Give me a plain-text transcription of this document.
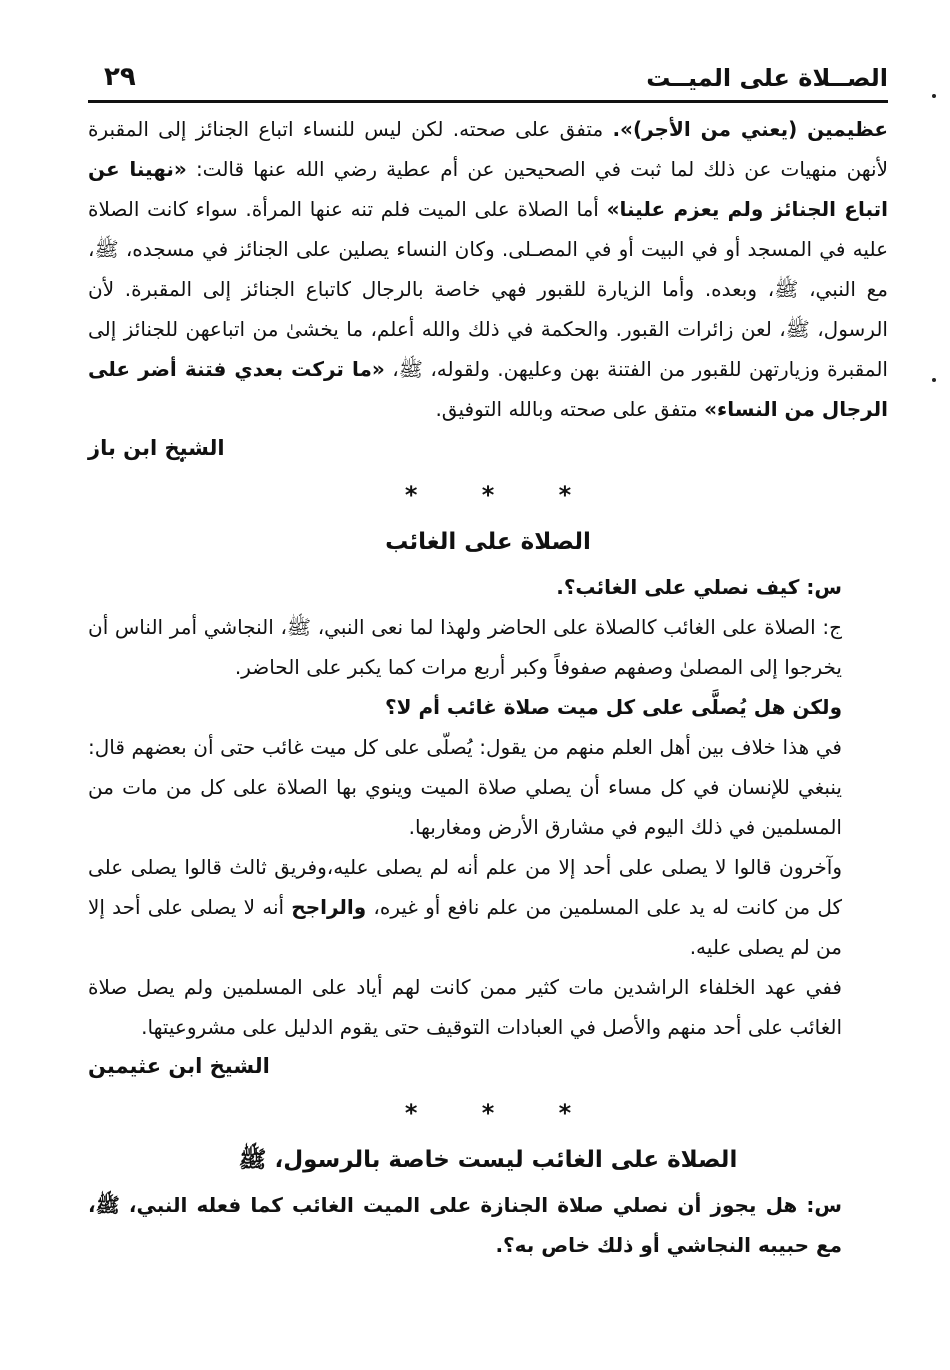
الصــلاة على الميــت
٢٩

عظيمين (يعني من الأجر)». متفق على صحته. لكن ليس للنساء اتباع الجنائز إلى المقبرة لأنهن منهيات عن ذلك لما ثبت في الصحيحين عن أم عطية رضي الله عنها قالت: «نهينا عن اتباع الجنائز ولم يعزم علينا» أما الصلاة على الميت فلم تنه عنها المرأة. سواء كانت الصلاة عليه في المسجد أو في البيت أو في المصـلى. وكان النساء يصلين على الجنائز في مسجده، ﷺ، مع النبي، ﷺ، وبعده. وأما الزيارة للقبور فهي خاصة بالرجال كاتباع الجنائز إلى المقبرة. لأن الرسول، ﷺ، لعن زائرات القبور. والحكمة في ذلك والله أعلم، ما يخشىٰ من اتباعهن للجنائز إلى المقبرة وزيارتهن للقبور من الفتنة بهن وعليهن. ولقوله، ﷺ، «ما تركت بعدي فتنة أضر على الرجال من النساء» متفق على صحته وبالله التوفيق.

الشيخ ابن باز

* * *
الصلاة على الغائب

س: كيف نصلي على الغائب؟.

ج: الصلاة على الغائب كالصلاة على الحاضر ولهذا لما نعى النبي، ﷺ، النجاشي أمر الناس أن يخرجوا إلى المصلىٰ وصفهم صفوفاً وكبر أربع مرات كما يكبر على الحاضر.

ولكن هل يُصلَّى على كل ميت صلاة غائب أم لا؟

في هذا خلاف بين أهل العلم منهم من يقول: يُصلّى على كل ميت غائب حتى أن بعضهم قال: ينبغي للإنسان في كل مساء أن يصلي صلاة الميت وينوي بها الصلاة على كل من مات من المسلمين في ذلك اليوم في مشارق الأرض ومغاربها.

وآخرون قالوا لا يصلى على أحد إلا من علم أنه لم يصلى عليه،وفريق ثالث قالوا يصلى على كل من كانت له يد على المسلمين من علم نافع أو غيره، والراجح أنه لا يصلى على أحد إلا من لم يصلى عليه.

ففي عهد الخلفاء الراشدين مات كثير ممن كانت لهم أياد على المسلمين ولم يصل صلاة الغائب على أحد منهم والأصل في العبادات التوقيف حتى يقوم الدليل على مشروعيتها.

الشيخ ابن عثيمين

* * *
الصلاة على الغائب ليست خاصة بالرسول، ﷺ

س: هل يجوز أن نصلي صلاة الجنازة على الميت الغائب كما فعله النبي، ﷺ، مع حبيبه النجاشي أو ذلك خاص به؟.
